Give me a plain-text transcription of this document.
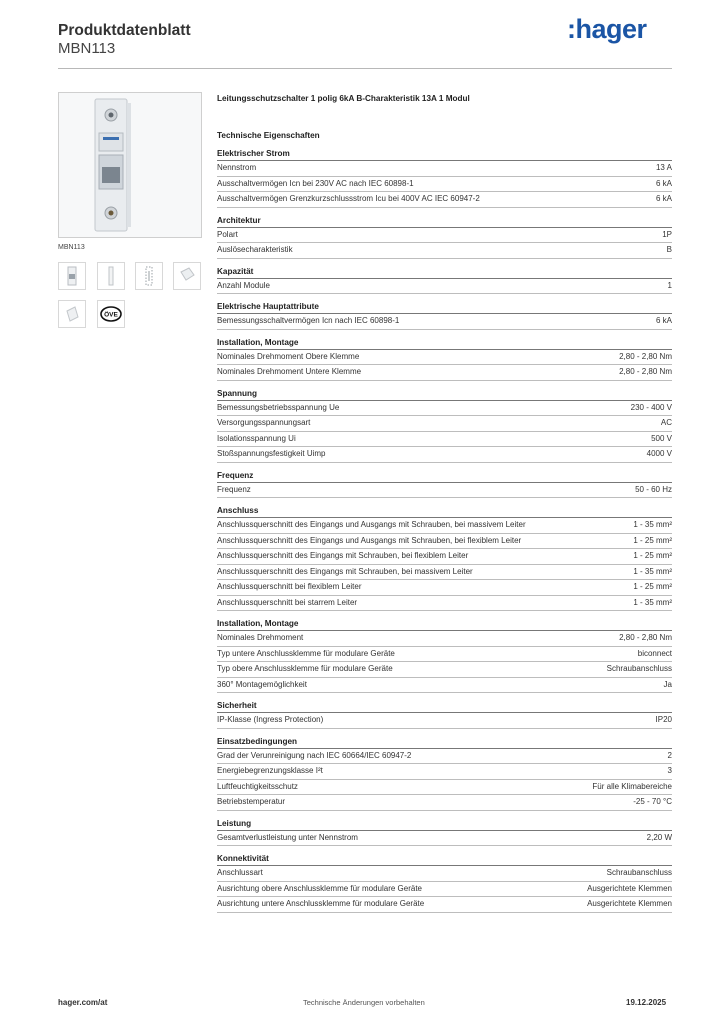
Produktdatenblatt
MBN113
:hager
MBN113
ÖVE
Leitungsschutzschalter 1 polig 6kA B-Charakteristik 13A 1 Modul
Technische Eigenschaften
Elektrischer Strom
Nennstrom	13 A
Ausschaltvermögen Icn bei 230V AC nach IEC 60898-1	6 kA
Ausschaltvermögen Grenzkurzschlussstrom Icu bei 400V AC IEC 60947-2	6 kA
Architektur
Polart	1P
Auslösecharakteristik	B
Kapazität
Anzahl Module	1
Elektrische Hauptattribute
Bemessungsschaltvermögen Icn nach IEC 60898-1	6 kA
Installation, Montage
Nominales Drehmoment Obere Klemme	2,80 - 2,80 Nm
Nominales Drehmoment Untere Klemme	2,80 - 2,80 Nm
Spannung
Bemessungsbetriebsspannung Ue	230 - 400 V
Versorgungsspannungsart	AC
Isolationsspannung Ui	500 V
Stoßspannungsfestigkeit Uimp	4000 V
Frequenz
Frequenz	50 - 60 Hz
Anschluss
Anschlussquerschnitt des Eingangs und Ausgangs mit Schrauben, bei massivem Leiter	1 - 35 mm²
Anschlussquerschnitt des Eingangs und Ausgangs mit Schrauben, bei flexiblem Leiter	1 - 25 mm²
Anschlussquerschnitt des Eingangs mit Schrauben, bei flexiblem Leiter	1 - 25 mm²
Anschlussquerschnitt des Eingangs mit Schrauben, bei massivem Leiter	1 - 35 mm²
Anschlussquerschnitt bei flexiblem Leiter	1 - 25 mm²
Anschlussquerschnitt bei starrem Leiter	1 - 35 mm²
Installation, Montage
Nominales Drehmoment	2,80 - 2,80 Nm
Typ untere Anschlussklemme für modulare Geräte	biconnect
Typ obere Anschlussklemme für modulare Geräte	Schraubanschluss
360° Montagemöglichkeit	Ja
Sicherheit
IP-Klasse (Ingress Protection)	IP20
Einsatzbedingungen
Grad der Verunreinigung nach IEC 60664/IEC 60947-2	2
Energiebegrenzungsklasse I²t	3
Luftfeuchtigkeitsschutz	Für alle Klimabereiche
Betriebstemperatur	-25 - 70 °C
Leistung
Gesamtverlustleistung unter Nennstrom	2,20 W
Konnektivität
Anschlussart	Schraubanschluss
Ausrichtung obere Anschlussklemme für modulare Geräte	Ausgerichtete Klemmen
Ausrichtung untere Anschlussklemme für modulare Geräte	Ausgerichtete Klemmen
hager.com/at	Technische Änderungen vorbehalten	19.12.2025
